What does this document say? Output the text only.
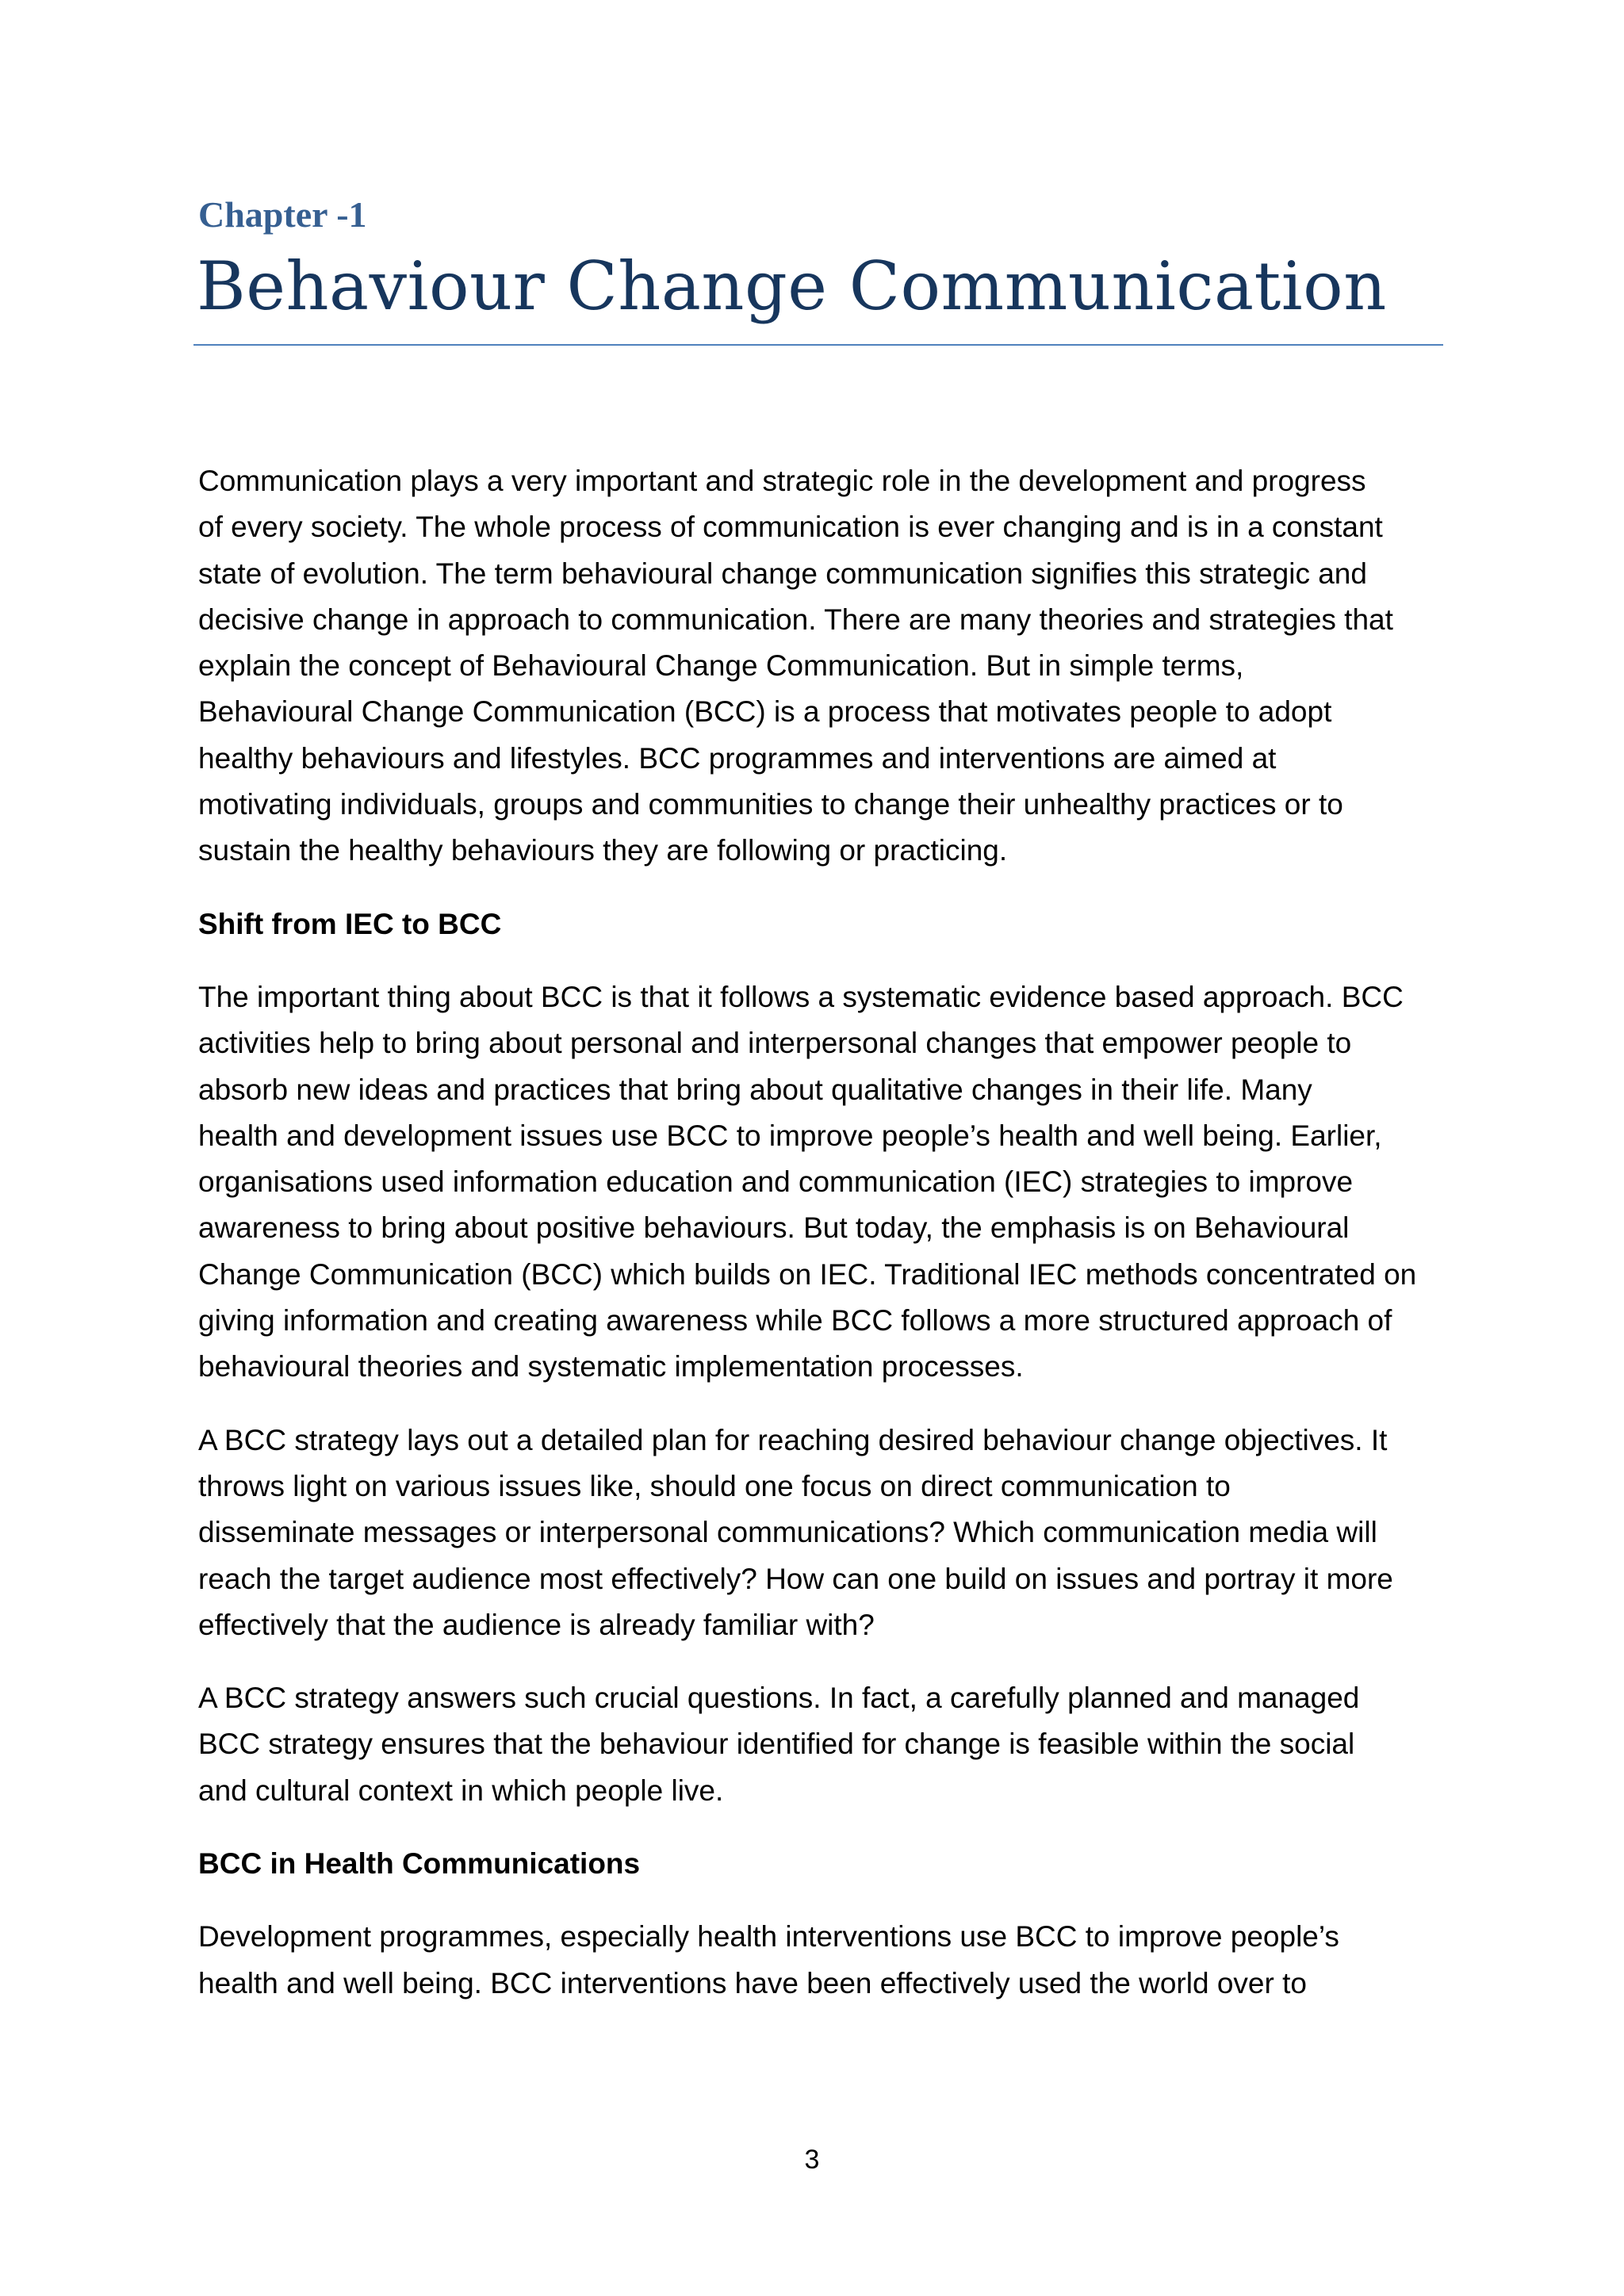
Chapter -1
Behaviour Change Communication

Communication plays a very important and strategic role in the development and progress
of every society. The whole process of communication is ever changing and is in a constant
state of evolution. The term behavioural change communication signifies this strategic and
decisive change in approach to communication. There are many theories and strategies that
explain the concept of Behavioural Change Communication. But in simple terms,
Behavioural Change Communication (BCC) is a process that motivates people to adopt
healthy behaviours and lifestyles. BCC programmes and interventions are aimed at
motivating individuals, groups and communities to change their unhealthy practices or to
sustain the healthy behaviours they are following or practicing.

Shift from IEC to BCC

The important thing about BCC is that it follows a systematic evidence based approach. BCC
activities help to bring about personal and interpersonal changes that empower people to
absorb new ideas and practices that bring about qualitative changes in their life. Many
health and development issues use BCC to improve people’s health and well being. Earlier,
organisations used information education and communication (IEC) strategies to improve
awareness to bring about positive behaviours. But today, the emphasis is on Behavioural
Change Communication (BCC) which builds on IEC. Traditional IEC methods concentrated on
giving information and creating awareness while BCC follows a more structured approach of
behavioural theories and systematic implementation processes.

A BCC strategy lays out a detailed plan for reaching desired behaviour change objectives. It
throws light on various issues like, should one focus on direct communication to
disseminate messages or interpersonal communications? Which communication media will
reach the target audience most effectively? How can one build on issues and portray it more
effectively that the audience is already familiar with?

A BCC strategy answers such crucial questions. In fact, a carefully planned and managed
BCC strategy ensures that the behaviour identified for change is feasible within the social
and cultural context in which people live.

BCC in Health Communications

Development programmes, especially health interventions use BCC to improve people’s
health and well being. BCC interventions have been effectively used the world over to

3
